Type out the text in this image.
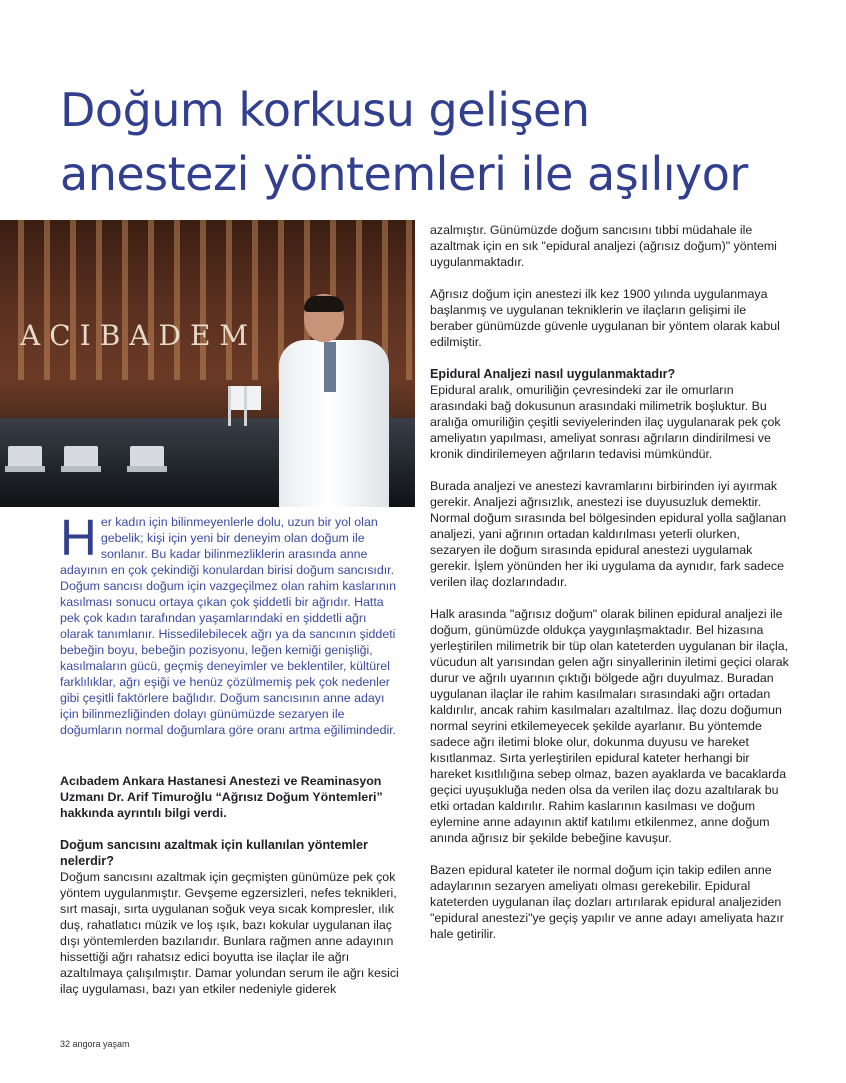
Doğum korkusu gelişen
anestezi yöntemleri ile aşılıyor
ACIBADEM
Her kadın için bilinmeyenlerle dolu, uzun bir yol olan gebelik; kişi için yeni bir deneyim olan doğum ile sonlanır. Bu kadar bilinmezliklerin arasında anne adayının en çok çekindiği konulardan birisi doğum sancısıdır. Doğum sancısı doğum için vazgeçilmez olan rahim kaslarının kasılması sonucu ortaya çıkan çok şiddetli bir ağrıdır. Hatta pek çok kadın tarafından yaşamlarındaki en şiddetli ağrı olarak tanımlanır. Hissedilebilecek ağrı ya da sancının şiddeti bebeğin boyu, bebeğin pozisyonu, leğen kemiği genişliği, kasılmaların gücü, geçmiş deneyimler ve beklentiler, kültürel farklılıklar, ağrı eşiği ve henüz çözülmemiş pek çok nedenler gibi çeşitli faktörlere bağlıdır. Doğum sancısının anne adayı için bilinmezliğinden dolayı günümüzde sezaryen ile doğumların normal doğumlara göre oranı artma eğilimindedir.

Acıbadem Ankara Hastanesi Anestezi ve Reaminasyon Uzmanı Dr. Arif Timuroğlu “Ağrısız Doğum Yöntemleri” hakkında ayrıntılı bilgi verdi.

Doğum sancısını azaltmak için kullanılan yöntemler nelerdir?

Doğum sancısını azaltmak için geçmişten günümüze pek çok yöntem uygulanmıştır. Gevşeme egzersizleri, nefes teknikleri, sırt masajı, sırta uygulanan soğuk veya sıcak kompresler, ılık duş, rahatlatıcı müzik ve loş ışık, bazı kokular uygulanan ilaç dışı yöntemlerden bazılarıdır. Bunlara rağmen anne adayının hissettiği ağrı rahatsız edici boyutta ise ilaçlar ile ağrı azaltılmaya çalışılmıştır. Damar yolundan serum ile ağrı kesici ilaç uygulaması, bazı yan etkiler nedeniyle giderek

azalmıştır. Günümüzde doğum sancısını tıbbi müdahale ile azaltmak için en sık "epidural analjezi (ağrısız doğum)" yöntemi uygulanmaktadır.

Ağrısız doğum için anestezi ilk kez 1900 yılında uygulanmaya başlanmış ve uygulanan tekniklerin ve ilaçların gelişimi ile beraber günümüzde güvenle uygulanan bir yöntem olarak kabul edilmiştir.

Epidural Analjezi nasıl uygulanmaktadır?

Epidural aralık, omuriliğin çevresindeki zar ile omurların arasındaki bağ dokusunun arasındaki milimetrik boşluktur. Bu aralığa omuriliğin çeşitli seviyelerinden ilaç uygulanarak pek çok ameliyatın yapılması, ameliyat sonrası ağrıların dindirilmesi ve kronik dindirilemeyen ağrıların tedavisi mümkündür.

Burada analjezi ve anestezi kavramlarını birbirinden iyi ayırmak gerekir. Analjezi ağrısızlık, anestezi ise duyusuzluk demektir. Normal doğum sırasında bel bölgesinden epidural yolla sağlanan analjezi, yani ağrının ortadan kaldırılması yeterli olurken, sezaryen ile doğum sırasında epidural anestezi uygulamak gerekir. İşlem yönünden her iki uygulama da aynıdır, fark sadece verilen ilaç dozlarındadır.

Halk arasında "ağrısız doğum" olarak bilinen epidural analjezi ile doğum, günümüzde oldukça yaygınlaşmaktadır. Bel hizasına yerleştirilen milimetrik bir tüp olan kateterden uygulanan bir ilaçla, vücudun alt yarısından gelen ağrı sinyallerinin iletimi geçici olarak durur ve ağrılı uyarının çıktığı bölgede ağrı duyulmaz. Buradan uygulanan ilaçlar ile rahim kasılmaları sırasındaki ağrı ortadan kaldırılır, ancak rahim kasılmaları azaltılmaz. İlaç dozu doğumun normal seyrini etkilemeyecek şekilde ayarlanır. Bu yöntemde sadece ağrı iletimi bloke olur, dokunma duyusu ve hareket kısıtlanmaz. Sırta yerleştirilen epidural kateter herhangi bir hareket kısıtlılığına sebep olmaz, bazen ayaklarda ve bacaklarda geçici uyuşukluğa neden olsa da verilen ilaç dozu azaltılarak bu etki ortadan kaldırılır. Rahim kaslarının kasılması ve doğum eylemine anne adayının aktif katılımı etkilenmez, anne doğum anında ağrısız bir şekilde bebeğine kavuşur.

Bazen epidural kateter ile normal doğum için takip edilen anne adaylarının sezaryen ameliyatı olması gerekebilir. Epidural kateterden uygulanan ilaç dozları artırılarak epidural analjeziden "epidural anestezi"ye geçiş yapılır ve anne adayı ameliyata hazır hale getirilir.

32 angora yaşam
